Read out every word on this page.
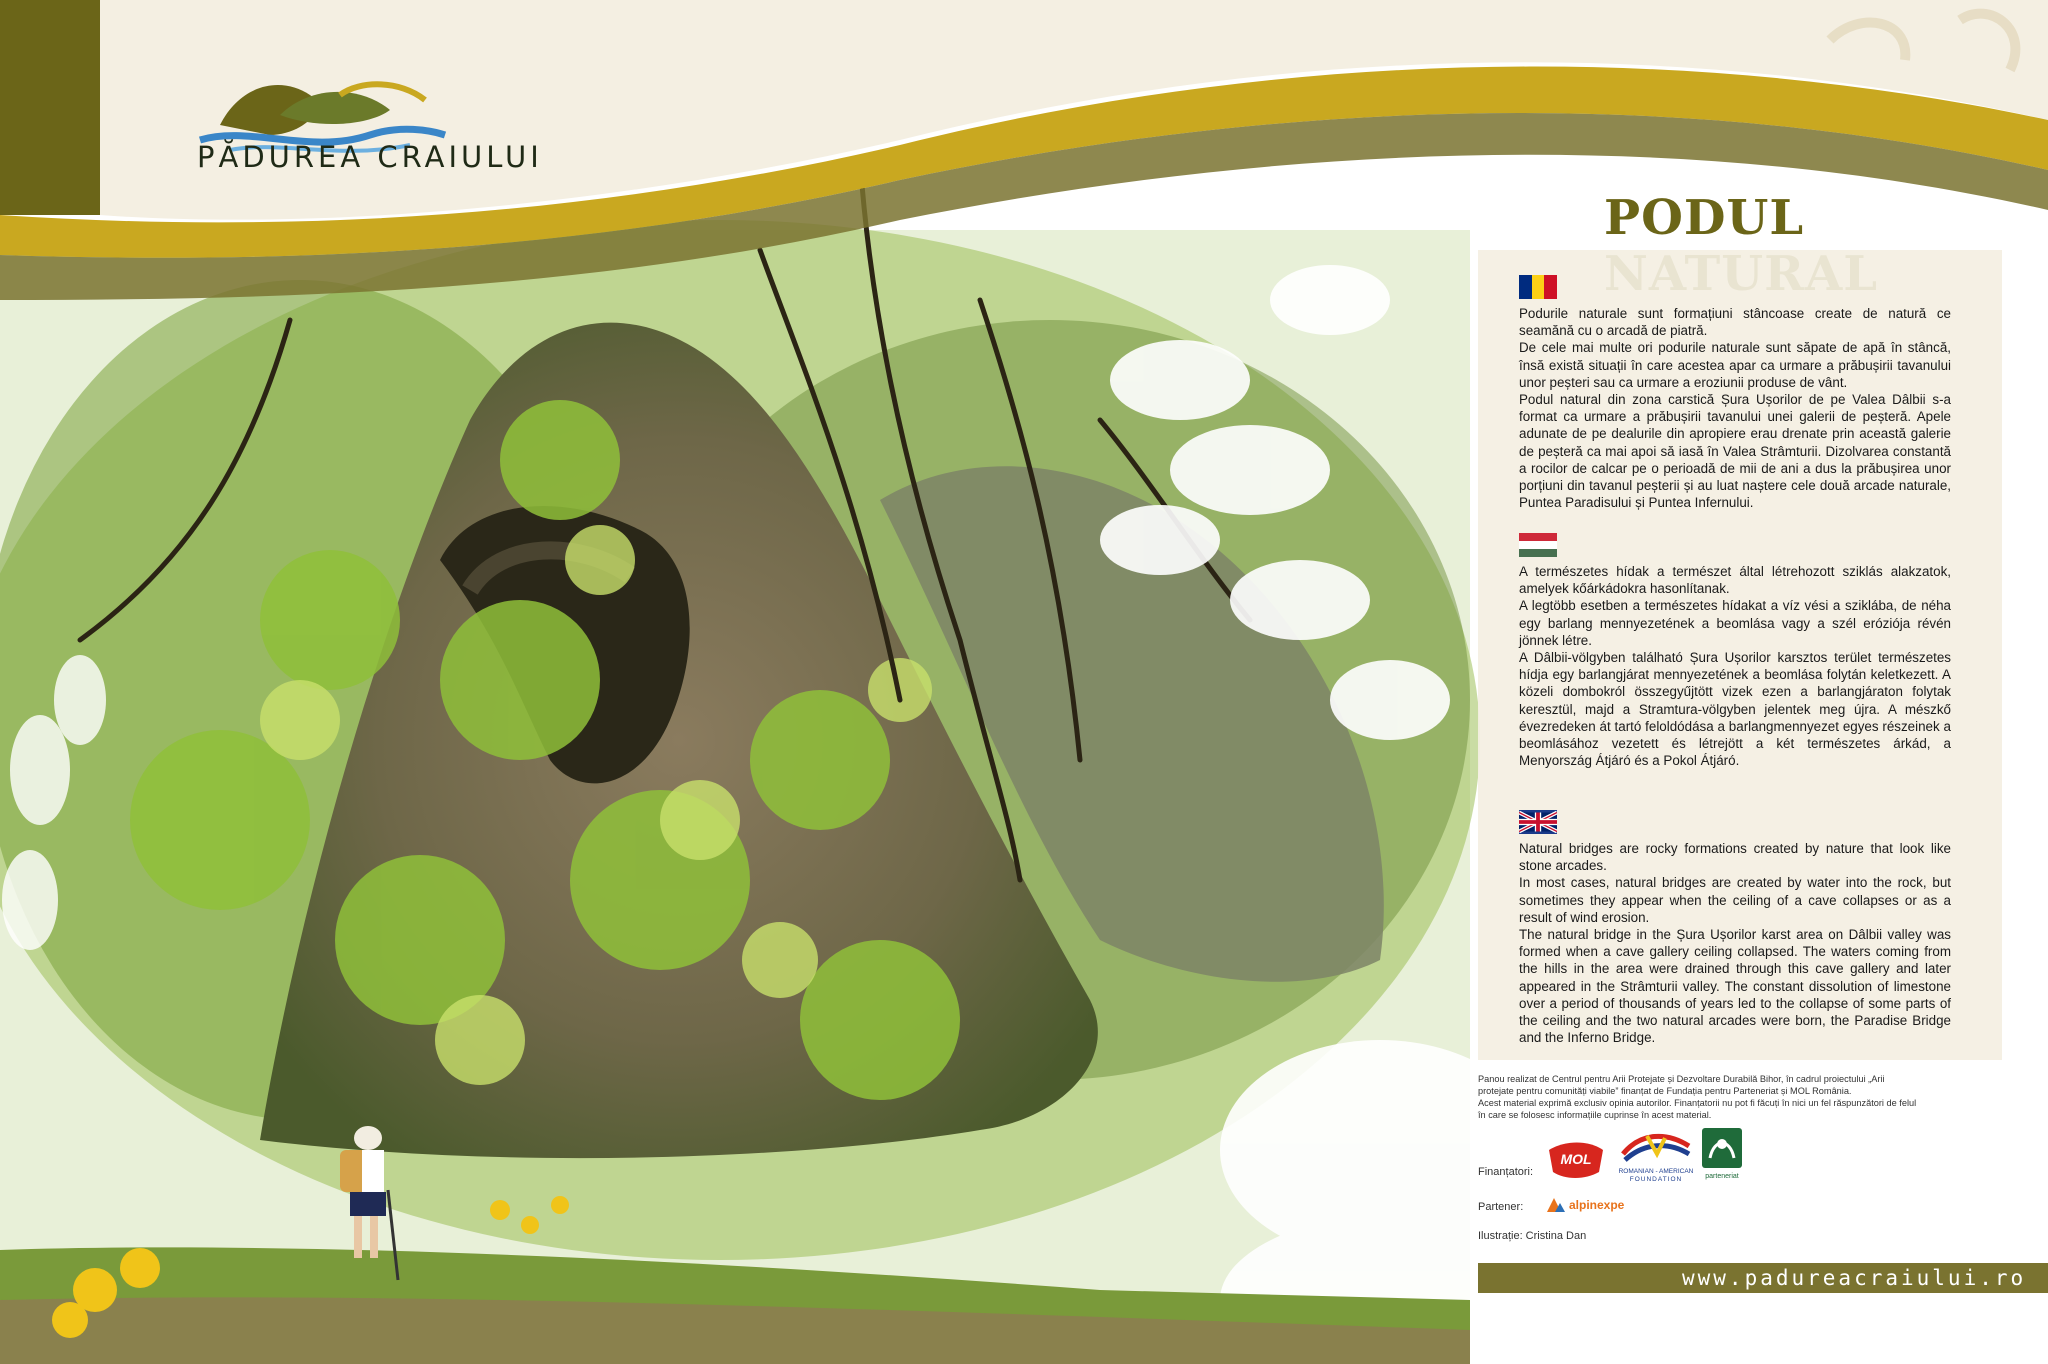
PĂDUREA CRAIULUI
PODUL

Podurile naturale sunt formațiuni stâncoase create de natură ce seamănă cu o arcadă de piatră.

De cele mai multe ori podurile naturale sunt săpate de apă în stâncă, însă există situații în care acestea apar ca urmare a prăbușirii tavanului unor peșteri sau ca urmare a eroziunii produse de vânt.

Podul natural din zona carstică Șura Ușorilor de pe Valea Dâlbii s-a format ca urmare a prăbușirii tavanului unei galerii de peșteră. Apele adunate de pe dealurile din apropiere erau drenate prin această galerie de peșteră ca mai apoi să iasă în Valea Strâmturii. Dizolvarea constantă a rocilor de calcar pe o perioadă de mii de ani a dus la prăbușirea unor porțiuni din tavanul peșterii și au luat naștere cele două arcade naturale, Puntea Paradisului și Puntea Infernului.

A természetes hídak a természet által létrehozott sziklás alakzatok, amelyek kőárkádokra hasonlítanak.

A legtöbb esetben a természetes hídakat a víz vési a sziklába, de néha egy barlang mennyezetének a beomlása vagy a szél eróziója révén jönnek létre.

A Dâlbii-völgyben található Șura Ușorilor karsztos terület természetes hídja egy barlangjárat mennyezetének a beomlása folytán keletkezett. A közeli dombokról összegyűjtött vizek ezen a barlangjáraton folytak keresztül, majd a Stramtura-völgyben jelentek meg újra. A mészkő évezredeken át tartó feloldódása a barlangmennyezet egyes részeinek a beomlásához vezetett és létrejött a két természetes árkád, a Menyország Átjáró és a Pokol Átjáró.

Natural bridges are rocky formations created by nature that look like stone arcades.

In most cases, natural bridges are created by water into the rock, but sometimes they appear when the ceiling of a cave collapses or as a result of wind erosion.

The natural bridge in the Șura Ușorilor karst area on Dâlbii valley was formed when a cave gallery ceiling collapsed. The waters coming from the hills in the area were drained through this cave gallery and later appeared in the Strâmturii valley. The constant dissolution of limestone over a period of thousands of years led to the collapse of some parts of the ceiling and the two natural arcades were born, the Paradise Bridge and the Inferno Bridge.

Panou realizat de Centrul pentru Arii Protejate și Dezvoltare Durabilă Bihor, în cadrul proiectului „Arii protejate pentru comunități viabile” finanțat de Fundația pentru Parteneriat și MOL România.

Acest material exprimă exclusiv opinia autorilor. Finanțatorii nu pot fi făcuți în nici un fel răspunzători de felul în care se folosesc informațiile cuprinse în acest material.

Finanțatori:
MOL
ROMANIAN - AMERICAN
FOUNDATION	parteneriat
Partener:	alpinexpe
Ilustrație: Cristina Dan
www.padureacraiului.ro
